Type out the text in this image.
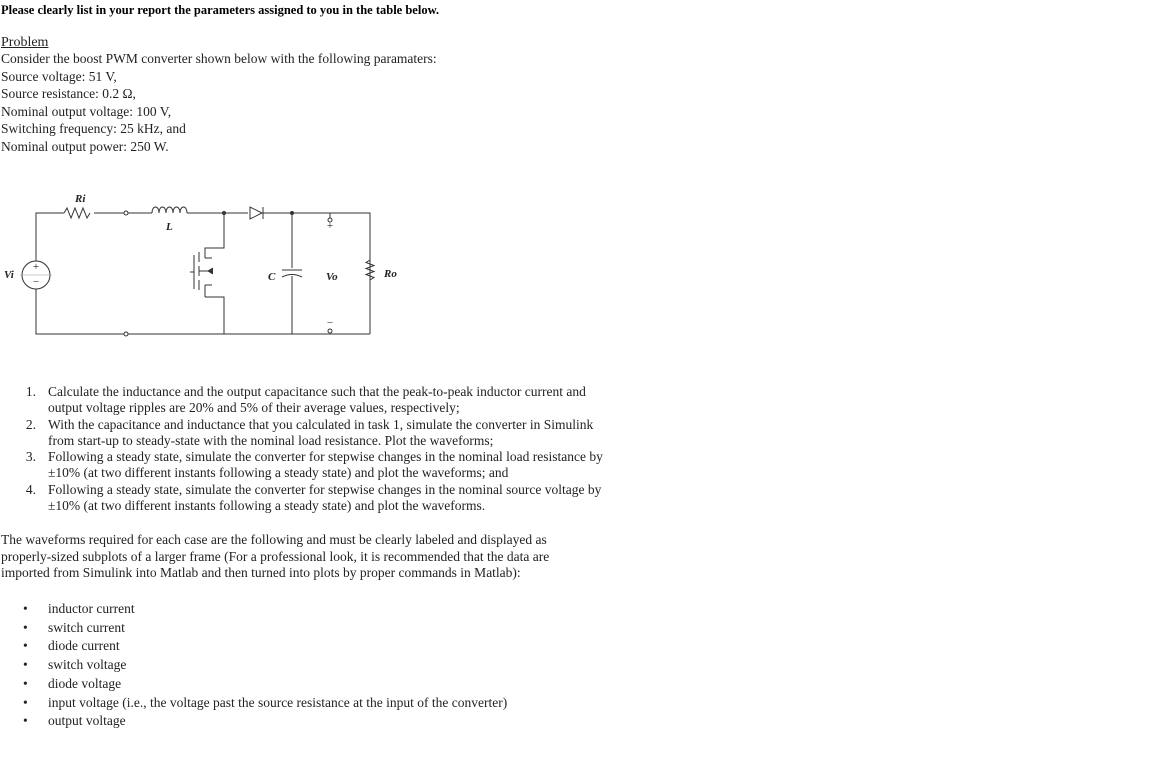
Please clearly list in your report the parameters assigned to you in the table below.
Problem
Consider the boost PWM converter shown below with the following paramaters:
Source voltage: 51 V,
Source resistance: 0.2 Ω,
Nominal output voltage: 100 V,
Switching frequency: 25 kHz, and
Nominal output power: 250 W.
+
−
Vi
Ri
L
C	Vo	Ro
+
−
1. Calculate the inductance and the output capacitance such that the peak-to-peak inductor current and output voltage ripples are 20% and 5% of their average values, respectively;
2. With the capacitance and inductance that you calculated in task 1, simulate the converter in Simulink from start-up to steady-state with the nominal load resistance. Plot the waveforms;
3. Following a steady state, simulate the converter for stepwise changes in the nominal load resistance by ±10% (at two different instants following a steady state) and plot the waveforms; and
4. Following a steady state, simulate the converter for stepwise changes in the nominal source voltage by ±10% (at two different instants following a steady state) and plot the waveforms.
The waveforms required for each case are the following and must be clearly labeled and displayed as properly-sized subplots of a larger frame (For a professional look, it is recommended that the data are imported from Simulink into Matlab and then turned into plots by proper commands in Matlab):
• inductor current
• switch current
• diode current
• switch voltage
• diode voltage
• input voltage (i.e., the voltage past the source resistance at the input of the converter)
• output voltage
